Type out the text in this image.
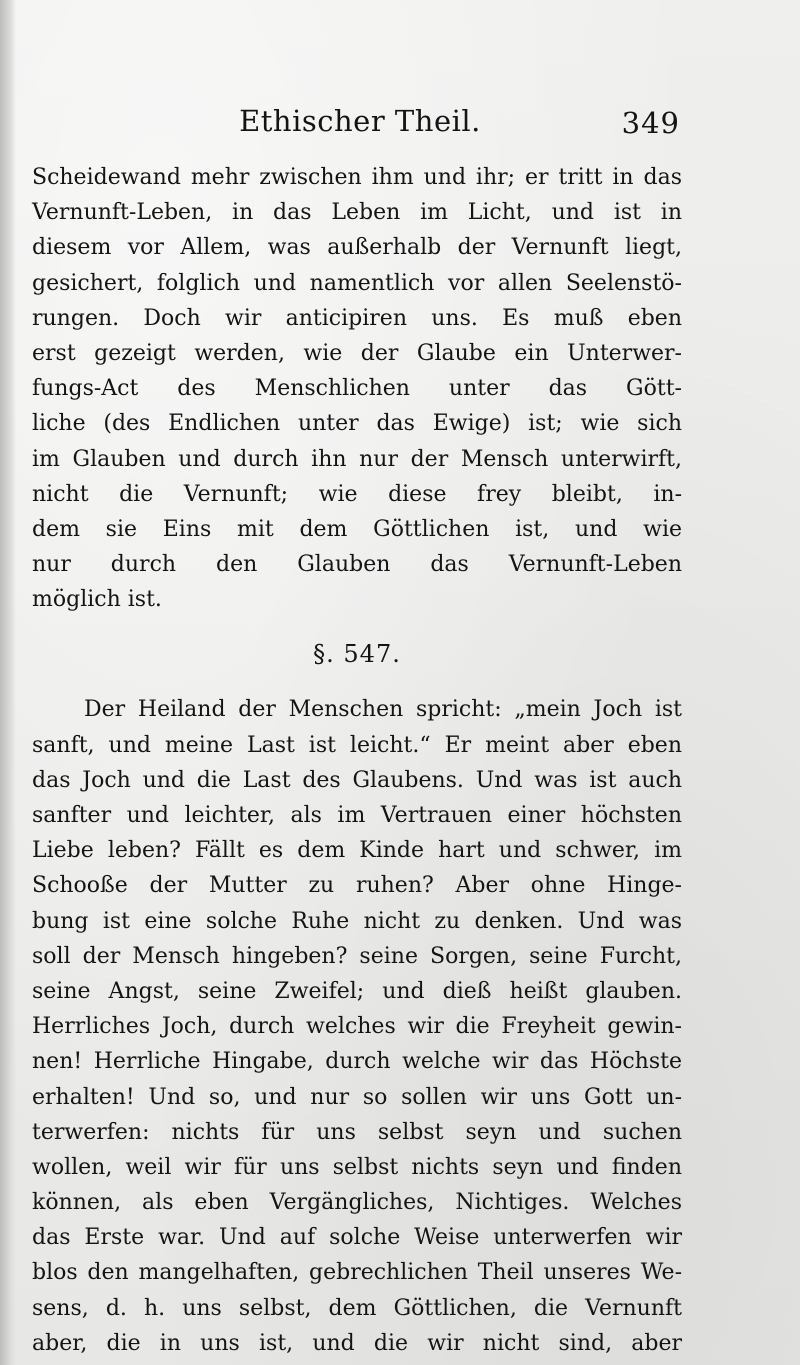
Ethischer Theil.	349
Scheidewand mehr zwischen ihm und ihr; er tritt in das
Vernunft-Leben, in das Leben im Licht, und ist in
diesem vor Allem, was außerhalb der Vernunft liegt,
gesichert, folglich und namentlich vor allen Seelenstö-
rungen. Doch wir anticipiren uns. Es muß eben
erst gezeigt werden, wie der Glaube ein Unterwer-
fungs-Act des Menschlichen unter das Gött-
liche (des Endlichen unter das Ewige) ist; wie sich
im Glauben und durch ihn nur der Mensch unterwirft,
nicht die Vernunft; wie diese frey bleibt, in-
dem sie Eins mit dem Göttlichen ist, und wie
nur durch den Glauben das Vernunft-Leben
möglich ist.
§. 547.
Der Heiland der Menschen spricht: „mein Joch ist
sanft, und meine Last ist leicht.“ Er meint aber eben
das Joch und die Last des Glaubens. Und was ist auch
sanfter und leichter, als im Vertrauen einer höchsten
Liebe leben? Fällt es dem Kinde hart und schwer, im
Schooße der Mutter zu ruhen? Aber ohne Hinge-
bung ist eine solche Ruhe nicht zu denken. Und was
soll der Mensch hingeben? seine Sorgen, seine Furcht,
seine Angst, seine Zweifel; und dieß heißt glauben.
Herrliches Joch, durch welches wir die Freyheit gewin-
nen! Herrliche Hingabe, durch welche wir das Höchste
erhalten! Und so, und nur so sollen wir uns Gott un-
terwerfen: nichts für uns selbst seyn und suchen
wollen, weil wir für uns selbst nichts seyn und finden
können, als eben Vergängliches, Nichtiges. Welches
das Erste war. Und auf solche Weise unterwerfen wir
blos den mangelhaften, gebrechlichen Theil unseres We-
sens, d. h. uns selbst, dem Göttlichen, die Vernunft
aber, die in uns ist, und die wir nicht sind, aber
